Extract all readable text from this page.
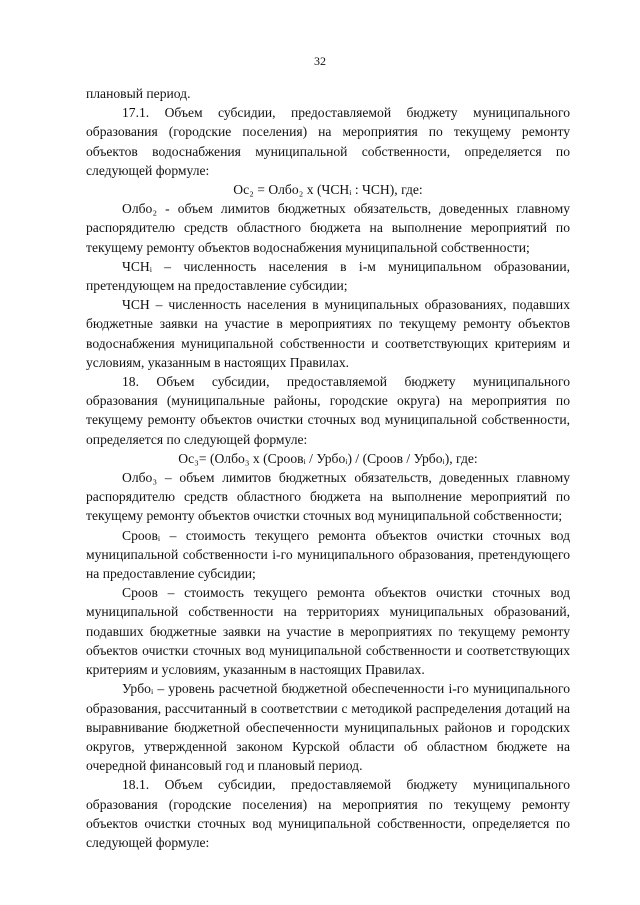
32

плановый период.

17.1. Объем субсидии, предоставляемой бюджету муниципального образования (городские поселения) на мероприятия по текущему ремонту объектов водоснабжения муниципальной собственности, определяется по следующей формуле:

Ос₂ = Олбо₂ х (ЧСНᵢ : ЧСН), где:

Олбо₂ - объем лимитов бюджетных обязательств, доведенных главному распорядителю средств областного бюджета на выполнение мероприятий по текущему ремонту объектов водоснабжения муниципальной собственности;

ЧСНᵢ – численность населения в i-м муниципальном образовании, претендующем на предоставление субсидии;

ЧСН – численность населения в муниципальных образованиях, подавших бюджетные заявки на участие в мероприятиях по текущему ремонту объектов водоснабжения муниципальной собственности и соответствующих критериям и условиям, указанным в настоящих Правилах.

18. Объем субсидии, предоставляемой бюджету муниципального образования (муниципальные районы, городские округа) на мероприятия по текущему ремонту объектов очистки сточных вод муниципальной собственности, определяется по следующей формуле:

Ос₃= (Олбо₃ х (Сроовᵢ / Урбоᵢ) / (Сроов / Урбоᵢ), где:

Олбо₃ – объем лимитов бюджетных обязательств, доведенных главному распорядителю средств областного бюджета на выполнение мероприятий по текущему ремонту объектов очистки сточных вод муниципальной собственности;

Сроовᵢ – стоимость текущего ремонта объектов очистки сточных вод муниципальной собственности i-го муниципального образования, претендующего на предоставление субсидии;

Сроов – стоимость текущего ремонта объектов очистки сточных вод муниципальной собственности на территориях муниципальных образований, подавших бюджетные заявки на участие в мероприятиях по текущему ремонту объектов очистки сточных вод муниципальной собственности и соответствующих критериям и условиям, указанным в настоящих Правилах.

Урбоᵢ – уровень расчетной бюджетной обеспеченности i-го муниципального образования, рассчитанный в соответствии с методикой распределения дотаций на выравнивание бюджетной обеспеченности муниципальных районов и городских округов, утвержденной законом Курской области об областном бюджете на очередной финансовый год и плановый период.

18.1. Объем субсидии, предоставляемой бюджету муниципального образования (городские поселения) на мероприятия по текущему ремонту объектов очистки сточных вод муниципальной собственности, определяется по следующей формуле:
